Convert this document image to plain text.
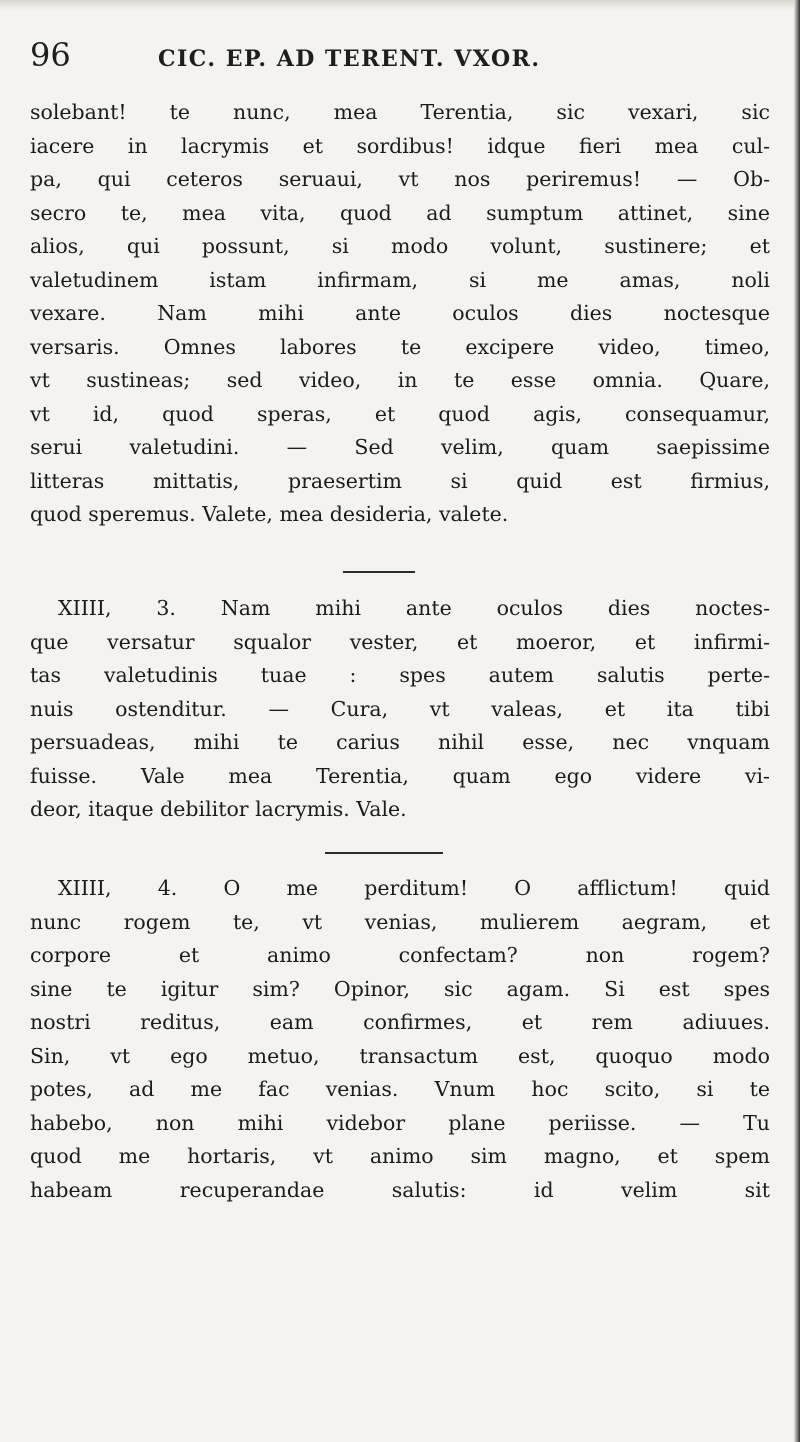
96	CIC. EP. AD TERENT. VXOR.
solebant! te nunc, mea Terentia, sic vexari, sic
iacere in lacrymis et sordibus! idque fieri mea cul-
pa, qui ceteros seruaui, vt nos periremus! — Ob-
secro te, mea vita, quod ad sumptum attinet, sine
alios, qui possunt, si modo volunt, sustinere; et
valetudinem istam infirmam, si me amas, noli
vexare. Nam mihi ante oculos dies noctesque
versaris. Omnes labores te excipere video, timeo,
vt sustineas; sed video, in te esse omnia. Quare,
vt id, quod speras, et quod agis, consequamur,
serui valetudini. — Sed velim, quam saepissime
litteras mittatis, praesertim si quid est firmius,
quod speremus. Valete, mea desideria, valete.
XIIII, 3. Nam mihi ante oculos dies noctes-
que versatur squalor vester, et moeror, et infirmi-
tas valetudinis tuae : spes autem salutis perte-
nuis ostenditur. — Cura, vt valeas, et ita tibi
persuadeas, mihi te carius nihil esse, nec vnquam
fuisse. Vale mea Terentia, quam ego videre vi-
deor, itaque debilitor lacrymis. Vale.
XIIII, 4. O me perditum! O afflictum! quid
nunc rogem te, vt venias, mulierem aegram, et
corpore et animo confectam? non rogem?
sine te igitur sim? Opinor, sic agam. Si est spes
nostri reditus, eam confirmes, et rem adiuues.
Sin, vt ego metuo, transactum est, quoquo modo
potes, ad me fac venias. Vnum hoc scito, si te
habebo, non mihi videbor plane periisse. — Tu
quod me hortaris, vt animo sim magno, et spem
habeam recuperandae salutis: id velim sit
